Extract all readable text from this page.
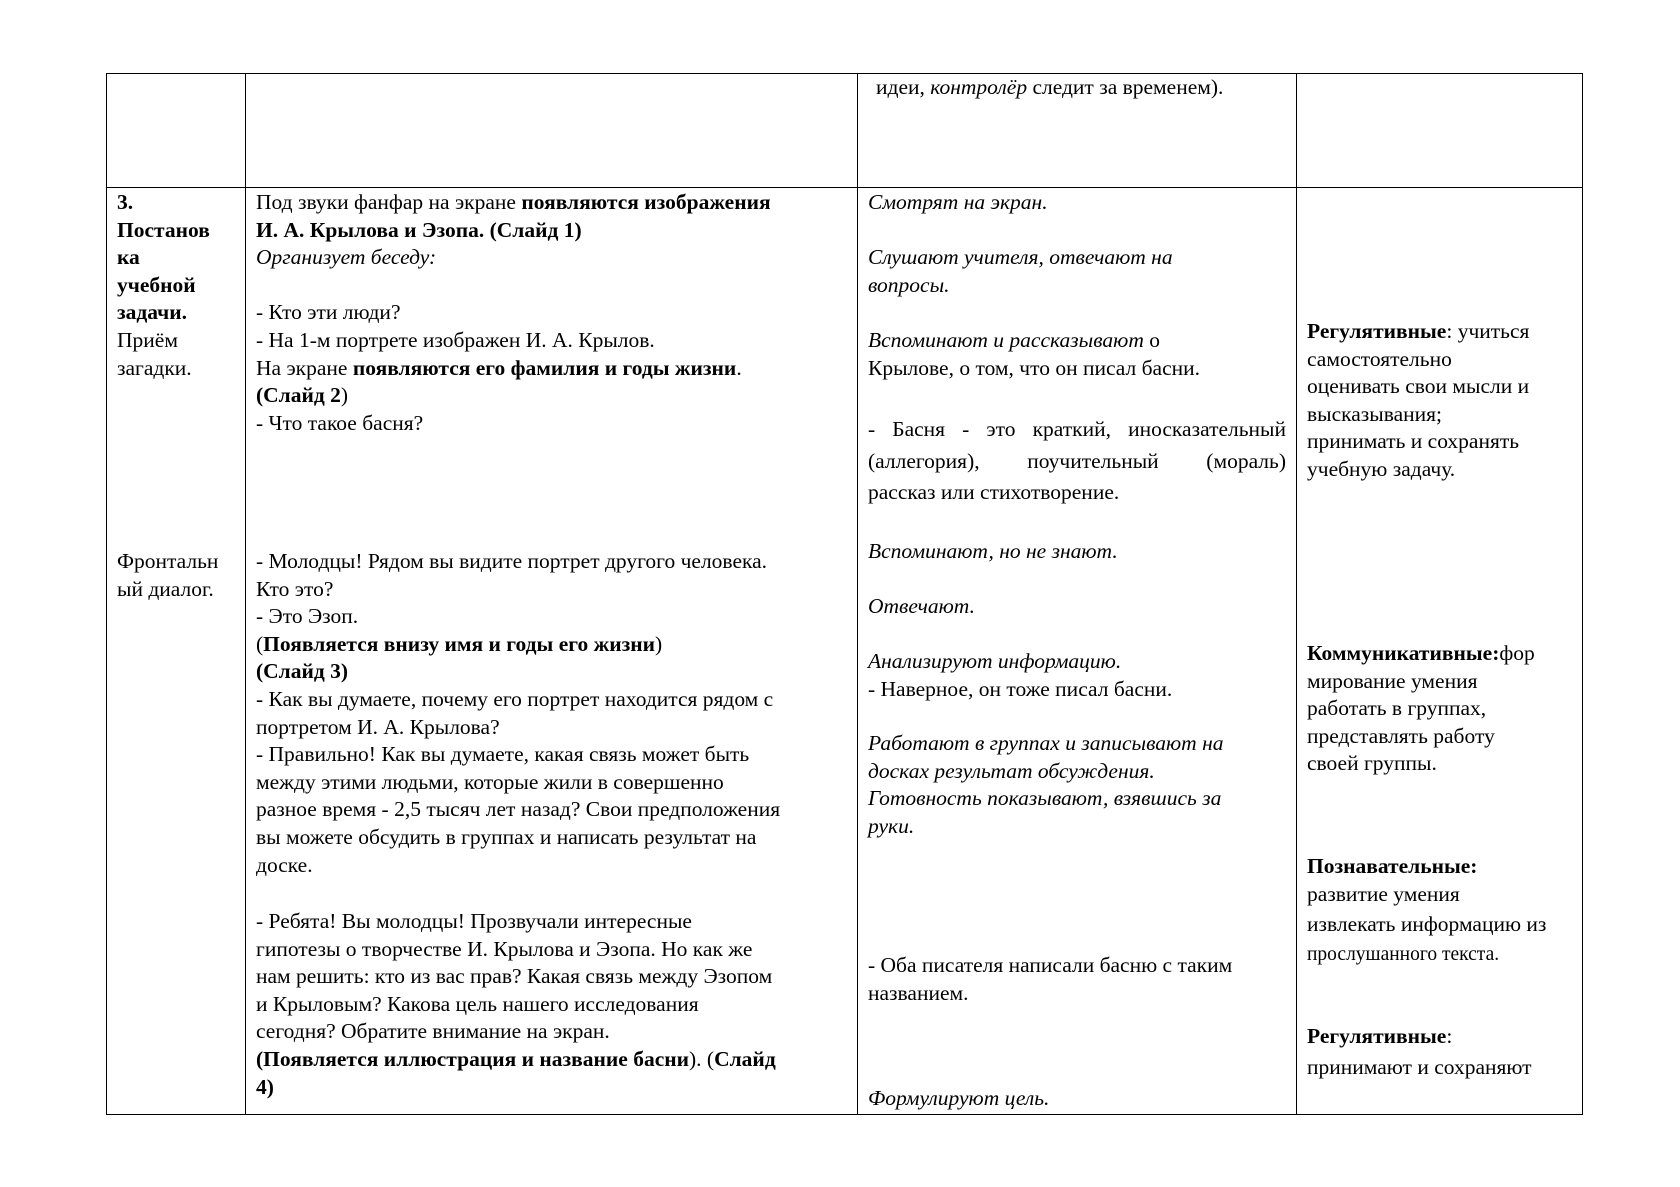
идеи, контролёр следит за временем).
3.
Постанов
ка
учебной
задачи.
Приём
загадки.
Фронтальн
ый диалог.
Под звуки фанфар на экране появляются изображения
И. А. Крылова и Эзопа. (Слайд 1)
Организует беседу:
- Кто эти люди?
- На 1-м портрете изображен И. А. Крылов.
На экране появляются его фамилия и годы жизни.
(Слайд 2)
- Что такое басня?
- Молодцы! Рядом вы видите портрет другого человека.
Кто это?
- Это Эзоп.
(Появляется внизу имя и годы его жизни)
(Слайд 3)
- Как вы думаете, почему его портрет находится рядом с
портретом И. А. Крылова?
- Правильно! Как вы думаете, какая связь может быть
между этими людьми, которые жили в совершенно
разное время - 2,5 тысяч лет назад? Свои предположения
вы можете обсудить в группах и написать результат на
доске.
- Ребята! Вы молодцы! Прозвучали интересные
гипотезы о творчестве И. Крылова и Эзопа. Но как же
нам решить: кто из вас прав? Какая связь между Эзопом
и Крыловым? Какова цель нашего исследования
сегодня? Обратите внимание на экран.
(Появляется иллюстрация и название басни). (Слайд
4)
Смотрят на экран.
Слушают учителя, отвечают на
вопросы.
Вспоминают и рассказывают о
Крылове, о том, что он писал басни.
- Басня - это краткий, иносказательный
(аллегория), поучительный (мораль)
рассказ или стихотворение.
Вспоминают, но не знают.
Отвечают.
Анализируют информацию.
- Наверное, он тоже писал басни.
Работают в группах и записывают на
досках результат обсуждения.
Готовность показывают, взявшись за
руки.
- Оба писателя написали басню с таким
названием.
Формулируют цель.
Регулятивные: учиться
самостоятельно
оценивать свои мысли и
высказывания;
принимать и сохранять
учебную задачу.
Коммуникативные:фор
мирование умения
работать в группах,
представлять работу
своей группы.
Познавательные:
развитие умения
извлекать информацию из
прослушанного текста.
Регулятивные:
принимают и сохраняют
